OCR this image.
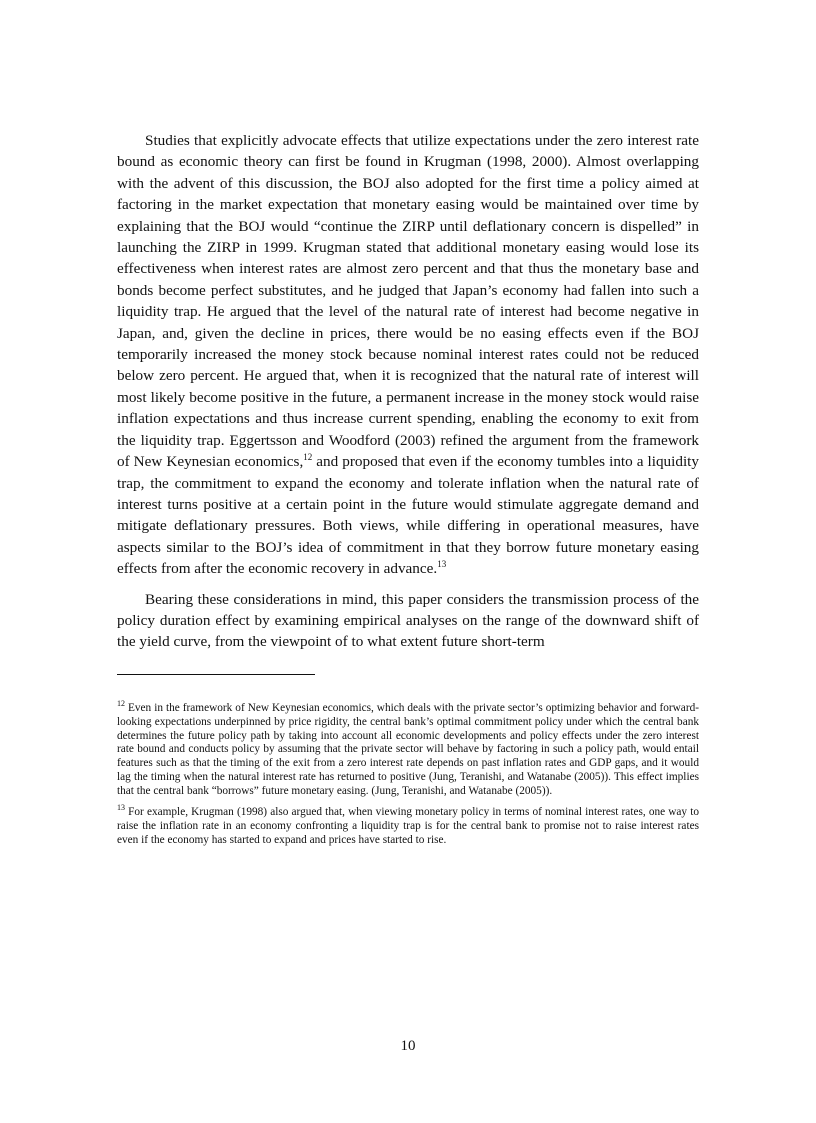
Studies that explicitly advocate effects that utilize expectations under the zero interest rate bound as economic theory can first be found in Krugman (1998, 2000). Almost overlapping with the advent of this discussion, the BOJ also adopted for the first time a policy aimed at factoring in the market expectation that monetary easing would be maintained over time by explaining that the BOJ would “continue the ZIRP until deflationary concern is dispelled” in launching the ZIRP in 1999. Krugman stated that additional monetary easing would lose its effectiveness when interest rates are almost zero percent and that thus the monetary base and bonds become perfect substitutes, and he judged that Japan’s economy had fallen into such a liquidity trap. He argued that the level of the natural rate of interest had become negative in Japan, and, given the decline in prices, there would be no easing effects even if the BOJ temporarily increased the money stock because nominal interest rates could not be reduced below zero percent. He argued that, when it is recognized that the natural rate of interest will most likely become positive in the future, a permanent increase in the money stock would raise inflation expectations and thus increase current spending, enabling the economy to exit from the liquidity trap. Eggertsson and Woodford (2003) refined the argument from the framework of New Keynesian economics,$^{12}$ and proposed that even if the economy tumbles into a liquidity trap, the commitment to expand the economy and tolerate inflation when the natural rate of interest turns positive at a certain point in the future would stimulate aggregate demand and mitigate deflationary pressures. Both views, while differing in operational measures, have aspects similar to the BOJ’s idea of commitment in that they borrow future monetary easing effects from after the economic recovery in advance.$^{13}$

Bearing these considerations in mind, this paper considers the transmission process of the policy duration effect by examining empirical analyses on the range of the downward shift of the yield curve, from the viewpoint of to what extent future short-term

$^{12}$ Even in the framework of New Keynesian economics, which deals with the private sector’s optimizing behavior and forward-looking expectations underpinned by price rigidity, the central bank’s optimal commitment policy under which the central bank determines the future policy path by taking into account all economic developments and policy effects under the zero interest rate bound and conducts policy by assuming that the private sector will behave by factoring in such a policy path, would entail features such as that the timing of the exit from a zero interest rate depends on past inflation rates and GDP gaps, and it would lag the timing when the natural interest rate has returned to positive (Jung, Teranishi, and Watanabe (2005)). This effect implies that the central bank “borrows” future monetary easing. (Jung, Teranishi, and Watanabe (2005)).

$^{13}$ For example, Krugman (1998) also argued that, when viewing monetary policy in terms of nominal interest rates, one way to raise the inflation rate in an economy confronting a liquidity trap is for the central bank to promise not to raise interest rates even if the economy has started to expand and prices have started to rise.

10
